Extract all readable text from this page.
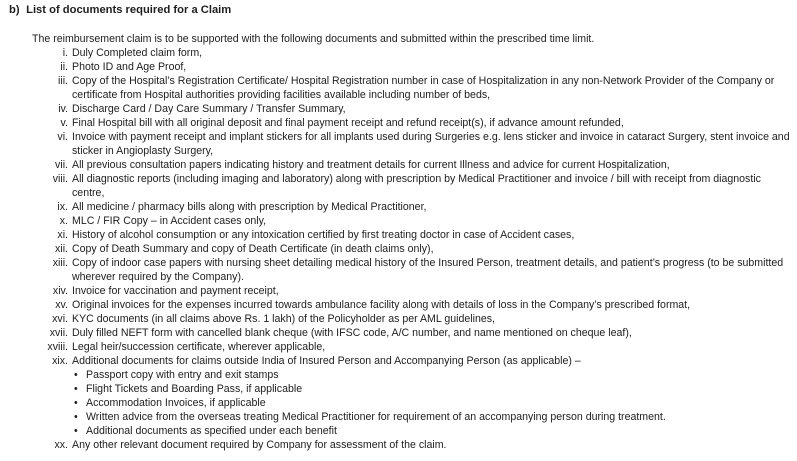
b) List of documents required for a Claim
The reimbursement claim is to be supported with the following documents and submitted within the prescribed time limit.
i. Duly Completed claim form,
ii. Photo ID and Age Proof,
iii. Copy of the Hospital’s Registration Certificate/ Hospital Registration number in case of Hospitalization in any non-Network Provider of the Company or certificate from Hospital authorities providing facilities available including number of beds,
iv. Discharge Card / Day Care Summary / Transfer Summary,
v. Final Hospital bill with all original deposit and final payment receipt and refund receipt(s), if advance amount refunded,
vi. Invoice with payment receipt and implant stickers for all implants used during Surgeries e.g. lens sticker and invoice in cataract Surgery, stent invoice and sticker in Angioplasty Surgery,
vii. All previous consultation papers indicating history and treatment details for current Illness and advice for current Hospitalization,
viii. All diagnostic reports (including imaging and laboratory) along with prescription by Medical Practitioner and invoice / bill with receipt from diagnostic centre,
ix. All medicine / pharmacy bills along with prescription by Medical Practitioner,
x. MLC / FIR Copy – in Accident cases only,
xi. History of alcohol consumption or any intoxication certified by first treating doctor in case of Accident cases,
xii. Copy of Death Summary and copy of Death Certificate (in death claims only),
xiii. Copy of indoor case papers with nursing sheet detailing medical history of the Insured Person, treatment details, and patient’s progress (to be submitted wherever required by the Company).
xiv. Invoice for vaccination and payment receipt,
xv. Original invoices for the expenses incurred towards ambulance facility along with details of loss in the Company’s prescribed format,
xvi. KYC documents (in all claims above Rs. 1 lakh) of the Policyholder as per AML guidelines,
xvii. Duly filled NEFT form with cancelled blank cheque (with IFSC code, A/C number, and name mentioned on cheque leaf),
xviii. Legal heir/succession certificate, wherever applicable,
xix. Additional documents for claims outside India of Insured Person and Accompanying Person (as applicable) –
• Passport copy with entry and exit stamps
• Flight Tickets and Boarding Pass, if applicable
• Accommodation Invoices, if applicable
• Written advice from the overseas treating Medical Practitioner for requirement of an accompanying person during treatment.
• Additional documents as specified under each benefit
xx. Any other relevant document required by Company for assessment of the claim.
